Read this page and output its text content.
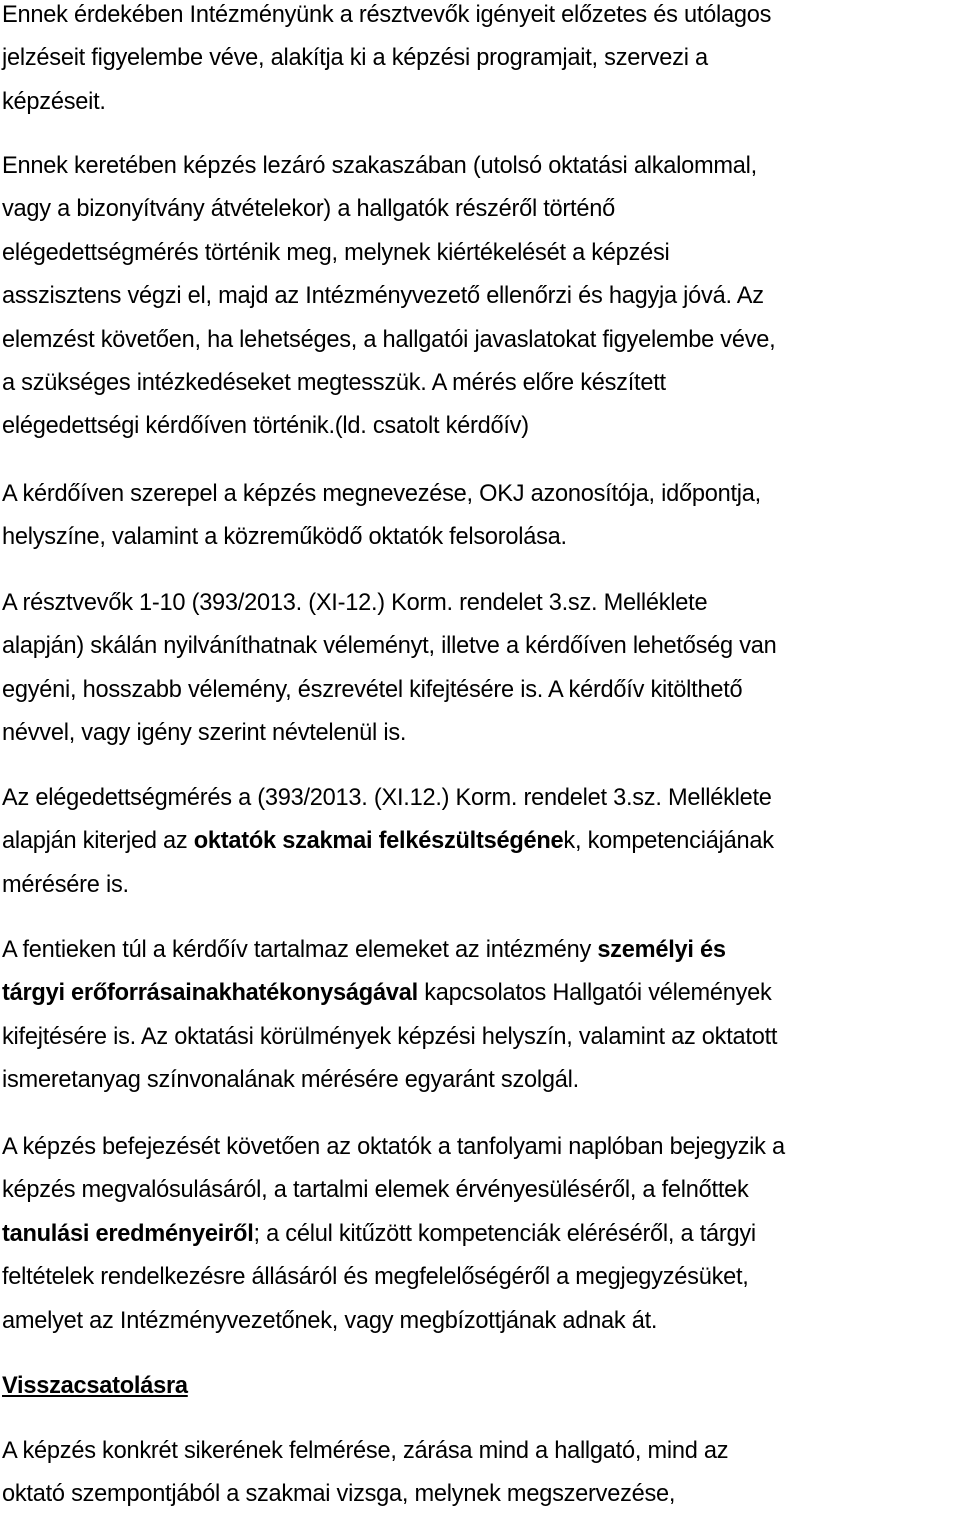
Ennek érdekében Intézményünk a résztvevők igényeit előzetes és utólagos
jelzéseit figyelembe véve, alakítja ki a képzési programjait, szervezi a
képzéseit.
Ennek keretében képzés lezáró szakaszában (utolsó oktatási alkalommal,
vagy a bizonyítvány átvételekor) a hallgatók részéről történő
elégedettségmérés történik meg, melynek kiértékelését a képzési
asszisztens végzi el, majd az Intézményvezető ellenőrzi és hagyja jóvá. Az
elemzést követően, ha lehetséges, a hallgatói javaslatokat figyelembe véve,
a szükséges intézkedéseket megtesszük. A mérés előre készített
elégedettségi kérdőíven történik.(ld. csatolt kérdőív)
A kérdőíven szerepel a képzés megnevezése, OKJ azonosítója, időpontja,
helyszíne, valamint a közreműködő oktatók felsorolása.
A résztvevők 1-10 (393/2013. (XI-12.) Korm. rendelet 3.sz. Melléklete
alapján) skálán nyilváníthatnak véleményt, illetve a kérdőíven lehetőség van
egyéni, hosszabb vélemény, észrevétel kifejtésére is. A kérdőív kitölthető
névvel, vagy igény szerint névtelenül is.
Az elégedettségmérés a (393/2013. (XI.12.) Korm. rendelet 3.sz. Melléklete
alapján kiterjed az oktatók szakmai felkészültségének, kompetenciájának
mérésére is.
A fentieken túl a kérdőív tartalmaz elemeket az intézmény személyi és
tárgyi erőforrásainakhatékonyságával kapcsolatos Hallgatói vélemények
kifejtésére is. Az oktatási körülmények képzési helyszín, valamint az oktatott
ismeretanyag színvonalának mérésére egyaránt szolgál.
A képzés befejezését követően az oktatók a tanfolyami naplóban bejegyzik a
képzés megvalósulásáról, a tartalmi elemek érvényesüléséről, a felnőttek
tanulási eredményeiről; a célul kitűzött kompetenciák eléréséről, a tárgyi
feltételek rendelkezésre állásáról és megfelelőségéről a megjegyzésüket,
amelyet az Intézményvezetőnek, vagy megbízottjának adnak át.
Visszacsatolásra
A képzés konkrét sikerének felmérése, zárása mind a hallgató, mind az
oktató szempontjából a szakmai vizsga, melynek megszervezése,
